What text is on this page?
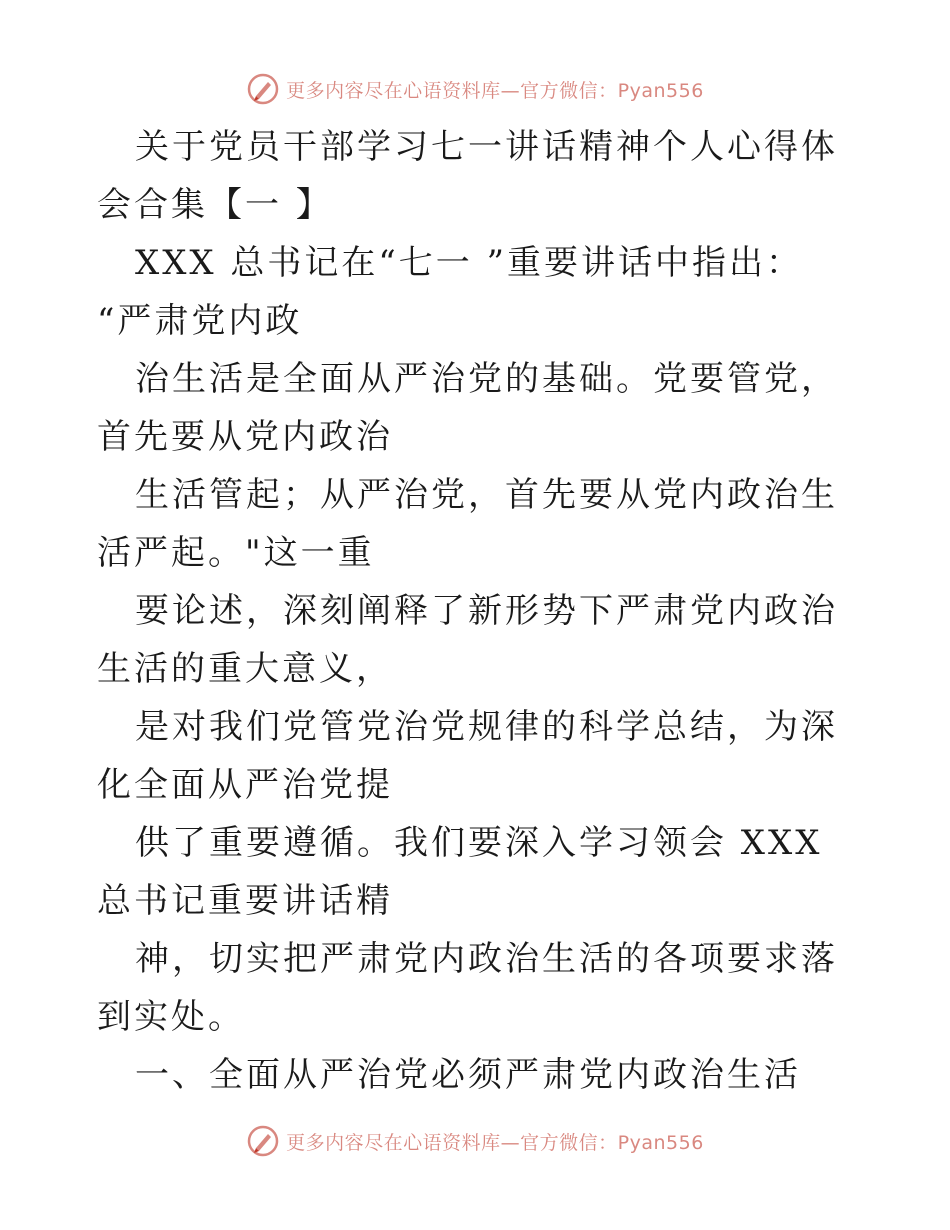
更多内容尽在心语资料库—官方微信：Pyan556

关于党员干部学习七一讲话精神个人心得体会合集【一 】

XXX 总书记在“七一 ”重要讲话中指出： “严肃党内政

治生活是全面从严治党的基础。党要管党，首先要从党内政治

生活管起；从严治党，首先要从党内政治生活严起。"这一重

要论述，深刻阐释了新形势下严肃党内政治生活的重大意义，

是对我们党管党治党规律的科学总结，为深化全面从严治党提

供了重要遵循。我们要深入学习领会 XXX 总书记重要讲话精

神，切实把严肃党内政治生活的各项要求落到实处。

一、全面从严治党必须严肃党内政治生活

更多内容尽在心语资料库—官方微信：Pyan556
